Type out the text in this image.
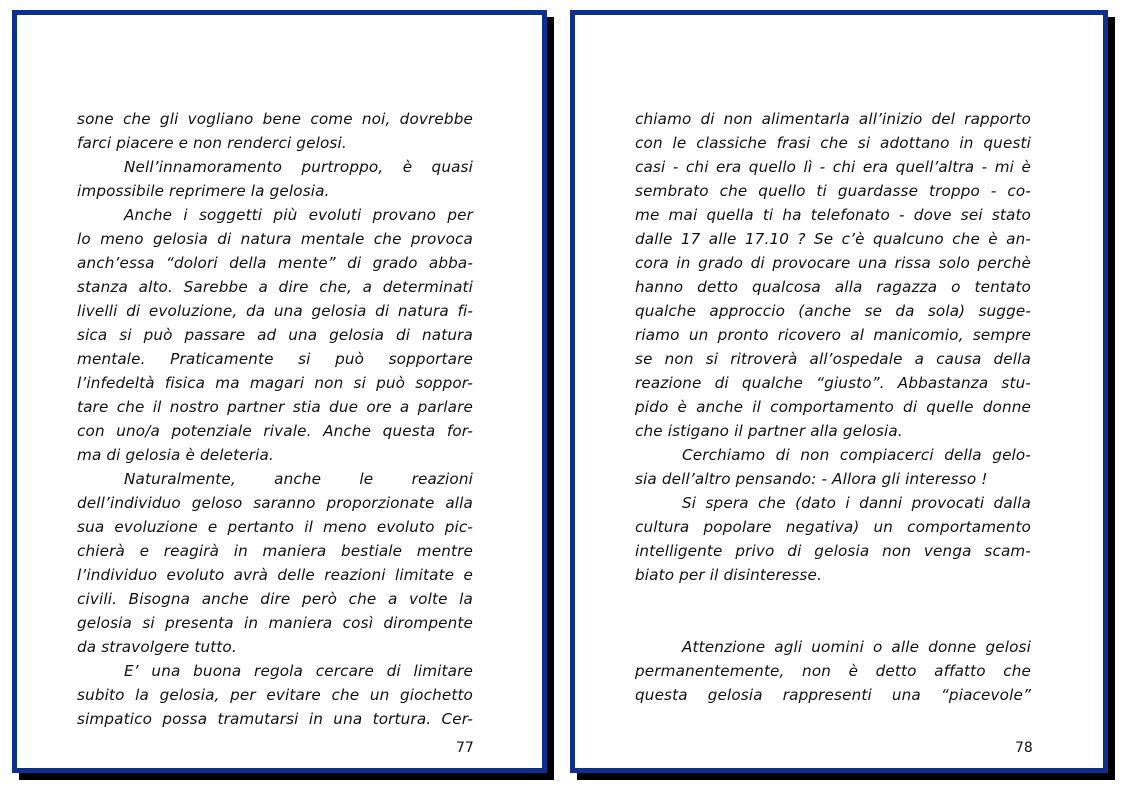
sone che gli vogliano bene come noi, dovrebbe
farci piacere e non renderci gelosi.
Nell’innamoramento purtroppo, è quasi
impossibile reprimere la gelosia.
Anche i soggetti più evoluti provano per
lo meno gelosia di natura mentale che provoca
anch’essa “dolori della mente” di grado abba-
stanza alto. Sarebbe a dire che, a determinati
livelli di evoluzione, da una gelosia di natura fi-
sica si può passare ad una gelosia di natura
mentale. Praticamente si può sopportare
l’infedeltà fisica ma magari non si può soppor-
tare che il nostro partner stia due ore a parlare
con uno/a potenziale rivale. Anche questa for-
ma di gelosia è deleteria.
Naturalmente, anche le reazioni
dell’individuo geloso saranno proporzionate alla
sua evoluzione e pertanto il meno evoluto pic-
chierà e reagirà in maniera bestiale mentre
l’individuo evoluto avrà delle reazioni limitate e
civili. Bisogna anche dire però che a volte la
gelosia si presenta in maniera così dirompente
da stravolgere tutto.
E’ una buona regola cercare di limitare
subito la gelosia, per evitare che un giochetto
simpatico possa tramutarsi in una tortura. Cer-
77
chiamo di non alimentarla all’inizio del rapporto
con le classiche frasi che si adottano in questi
casi - chi era quello lì - chi era quell’altra - mi è
sembrato che quello ti guardasse troppo - co-
me mai quella ti ha telefonato - dove sei stato
dalle 17 alle 17.10 ? Se c’è qualcuno che è an-
cora in grado di provocare una rissa solo perchè
hanno detto qualcosa alla ragazza o tentato
qualche approccio (anche se da sola) sugge-
riamo un pronto ricovero al manicomio, sempre
se non si ritroverà all’ospedale a causa della
reazione di qualche “giusto”. Abbastanza stu-
pido è anche il comportamento di quelle donne
che istigano il partner alla gelosia.
Cerchiamo di non compiacerci della gelo-
sia dell’altro pensando: - Allora gli interesso !
Si spera che (dato i danni provocati dalla
cultura popolare negativa) un comportamento
intelligente privo di gelosia non venga scam-
biato per il disinteresse.
Attenzione agli uomini o alle donne gelosi
permanentemente, non è detto affatto che
questa gelosia rappresenti una “piacevole”
78
